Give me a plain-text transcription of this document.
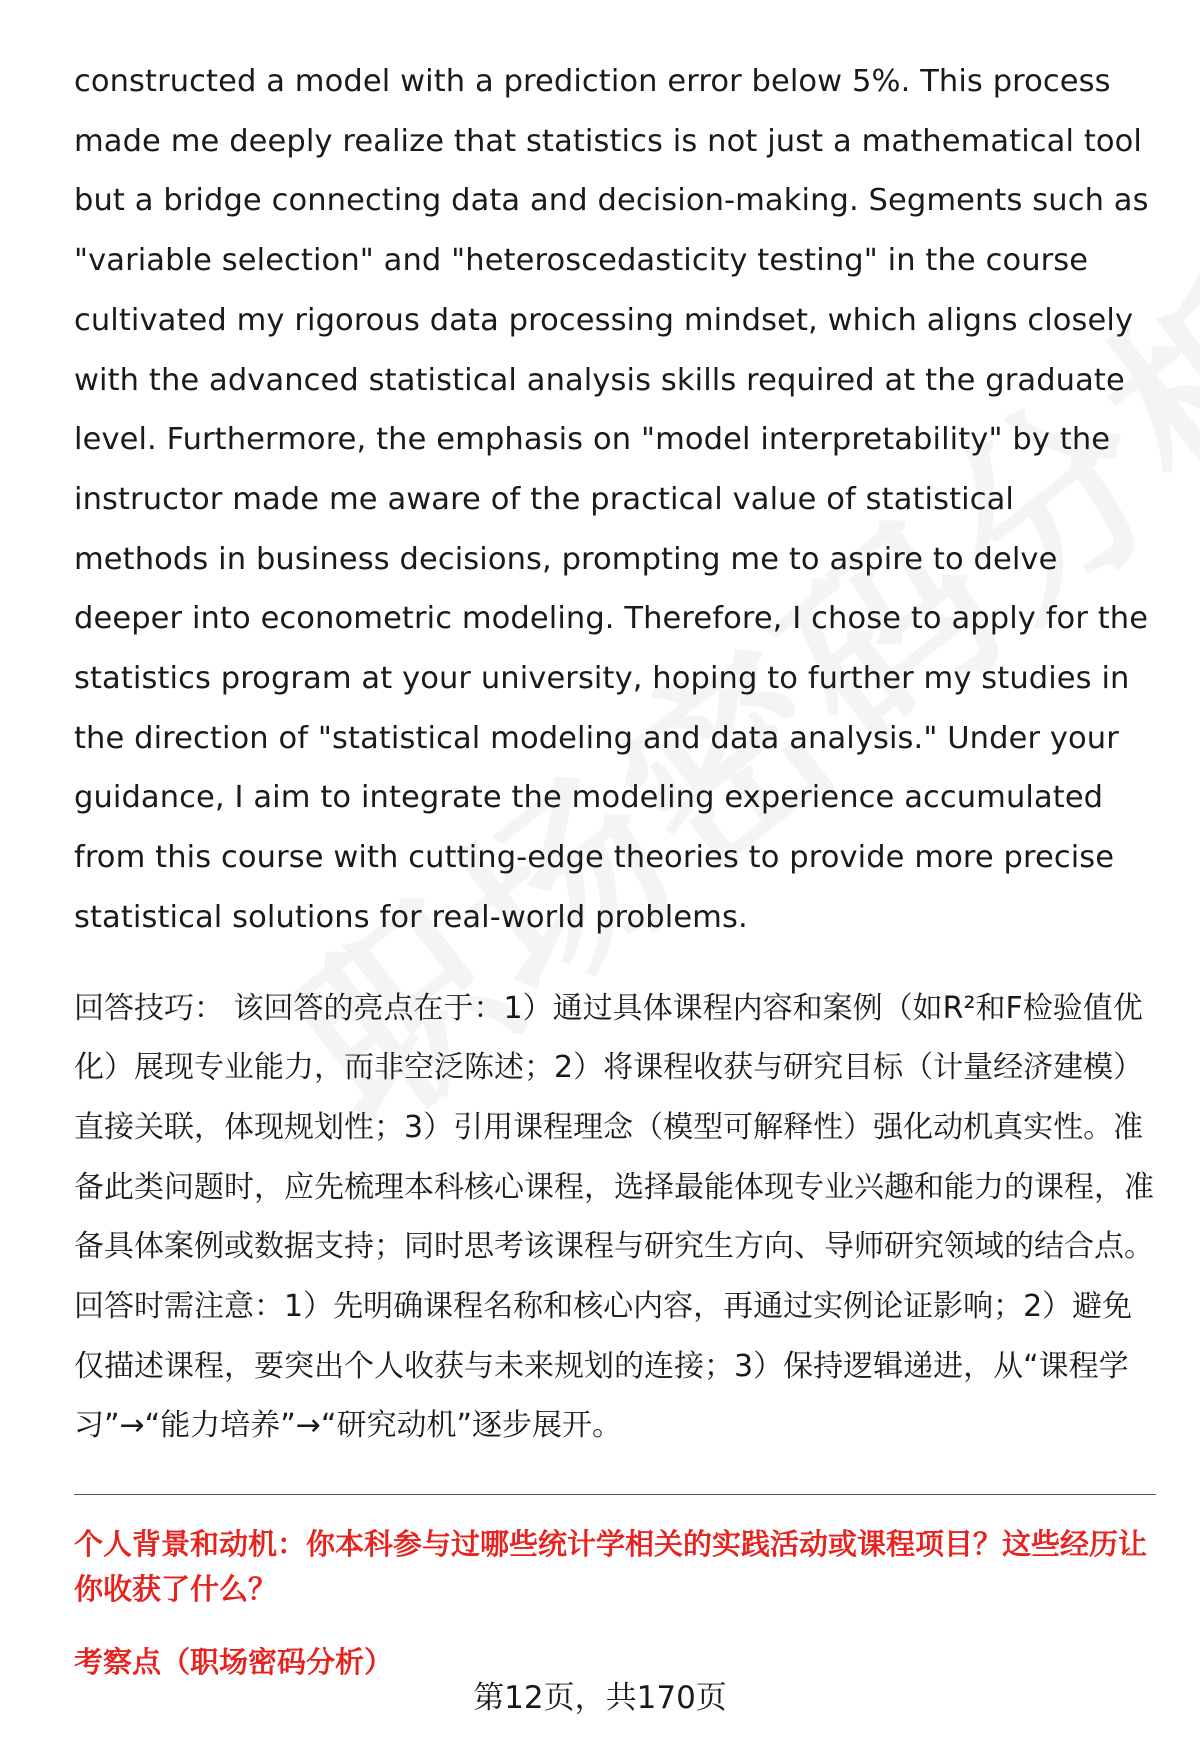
constructed a model with a prediction error below 5%. This process made me deeply realize that statistics is not just a mathematical tool but a bridge connecting data and decision-making. Segments such as "variable selection" and "heteroscedasticity testing" in the course cultivated my rigorous data processing mindset, which aligns closely with the advanced statistical analysis skills required at the graduate level. Furthermore, the emphasis on "model interpretability" by the instructor made me aware of the practical value of statistical methods in business decisions, prompting me to aspire to delve deeper into econometric modeling. Therefore, I chose to apply for the statistics program at your university, hoping to further my studies in the direction of "statistical modeling and data analysis." Under your guidance, I aim to integrate the modeling experience accumulated from this course with cutting-edge theories to provide more precise statistical solutions for real-world problems.

回答技巧： 该回答的亮点在于：1）通过具体课程内容和案例（如R²和F检验值优化）展现专业能力，而非空泛陈述；2）将课程收获与研究目标（计量经济建模）直接关联，体现规划性；3）引用课程理念（模型可解释性）强化动机真实性。准备此类问题时，应先梳理本科核心课程，选择最能体现专业兴趣和能力的课程，准备具体案例或数据支持；同时思考该课程与研究生方向、导师研究领域的结合点。回答时需注意：1）先明确课程名称和核心内容，再通过实例论证影响；2）避免仅描述课程，要突出个人收获与未来规划的连接；3）保持逻辑递进，从“课程学习”→“能力培养”→“研究动机”逐步展开。

个人背景和动机：你本科参与过哪些统计学相关的实践活动或课程项目？这些经历让你收获了什么？

考察点（职场密码分析）

第12页，共170页
